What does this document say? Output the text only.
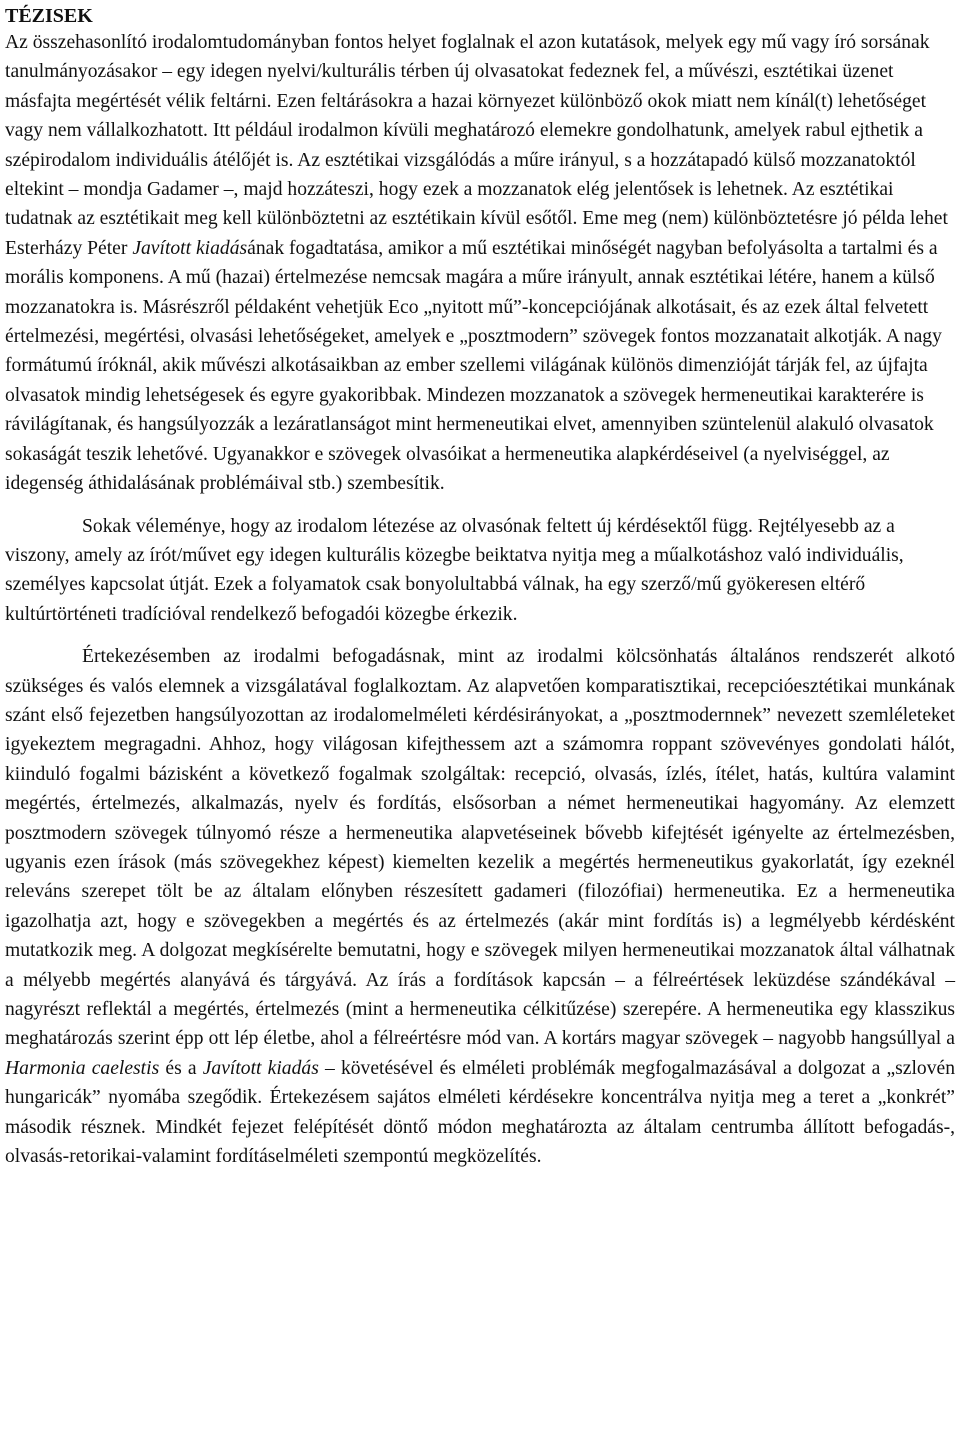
TÉZISEK

Az összehasonlító irodalomtudományban fontos helyet foglalnak el azon kutatások, melyek egy mű vagy író sorsának tanulmányozásakor – egy idegen nyelvi/kulturális térben új olvasatokat fedeznek fel, a művészi, esztétikai üzenet másfajta megértését vélik feltárni. Ezen feltárásokra a hazai környezet különböző okok miatt nem kínál(t) lehetőséget vagy nem vállalkozhatott. Itt például irodalmon kívüli meghatározó elemekre gondolhatunk, amelyek rabul ejthetik a szépirodalom individuális átélőjét is. Az esztétikai vizsgálódás a műre irányul, s a hozzátapadó külső mozzanatoktól eltekint – mondja Gadamer –, majd hozzáteszi, hogy ezek a mozzanatok elég jelentősek is lehetnek. Az esztétikai tudatnak az esztétikait meg kell különböztetni az esztétikain kívül esőtől. Eme meg (nem) különböztetésre jó példa lehet Esterházy Péter Javított kiadásának fogadtatása, amikor a mű esztétikai minőségét nagyban befolyásolta a tartalmi és a morális komponens. A mű (hazai) értelmezése nemcsak magára a műre irányult, annak esztétikai létére, hanem a külső mozzanatokra is. Másrészről példaként vehetjük Eco „nyitott mű”-koncepciójának alkotásait, és az ezek által felvetett értelmezési, megértési, olvasási lehetőségeket, amelyek e „posztmodern” szövegek fontos mozzanatait alkotják. A nagy formátumú íróknál, akik művészi alkotásaikban az ember szellemi világának különös dimenzióját tárják fel, az újfajta olvasatok mindig lehetségesek és egyre gyakoribbak. Mindezen mozzanatok a szövegek hermeneutikai karakterére is rávilágítanak, és hangsúlyozzák a lezáratlanságot mint hermeneutikai elvet, amennyiben szüntelenül alakuló olvasatok sokaságát teszik lehetővé. Ugyanakkor e szövegek olvasóikat a hermeneutika alapkérdéseivel (a nyelviséggel, az idegenség áthidalásának problémáival stb.) szembesítik.

Sokak véleménye, hogy az irodalom létezése az olvasónak feltett új kérdésektől függ. Rejtélyesebb az a viszony, amely az írót/művet egy idegen kulturális közegbe beiktatva nyitja meg a műalkotáshoz való individuális, személyes kapcsolat útját. Ezek a folyamatok csak bonyolultabbá válnak, ha egy szerző/mű gyökeresen eltérő kultúrtörténeti tradícióval rendelkező befogadói közegbe érkezik.

Értekezésemben az irodalmi befogadásnak, mint az irodalmi kölcsönhatás általános rendszerét alkotó szükséges és valós elemnek a vizsgálatával foglalkoztam. Az alapvetően komparatisztikai, recepcióesztétikai munkának szánt első fejezetben hangsúlyozottan az irodalomelméleti kérdésirányokat, a „posztmodernnek” nevezett szemléleteket igyekeztem megragadni. Ahhoz, hogy világosan kifejthessem azt a számomra roppant szövevényes gondolati hálót, kiinduló fogalmi bázisként a következő fogalmak szolgáltak: recepció, olvasás, ízlés, ítélet, hatás, kultúra valamint megértés, értelmezés, alkalmazás, nyelv és fordítás, elsősorban a német hermeneutikai hagyomány. Az elemzett posztmodern szövegek túlnyomó része a hermeneutika alapvetéseinek bővebb kifejtését igényelte az értelmezésben, ugyanis ezen írások (más szövegekhez képest) kiemelten kezelik a megértés hermeneutikus gyakorlatát, így ezeknél releváns szerepet tölt be az általam előnyben részesített gadameri (filozófiai) hermeneutika. Ez a hermeneutika igazolhatja azt, hogy e szövegekben a megértés és az értelmezés (akár mint fordítás is) a legmélyebb kérdésként mutatkozik meg. A dolgozat megkísérelte bemutatni, hogy e szövegek milyen hermeneutikai mozzanatok által válhatnak a mélyebb megértés alanyává és tárgyává. Az írás a fordítások kapcsán – a félreértések leküzdése szándékával – nagyrészt reflektál a megértés, értelmezés (mint a hermeneutika célkitűzése) szerepére. A hermeneutika egy klasszikus meghatározás szerint épp ott lép életbe, ahol a félreértésre mód van. A kortárs magyar szövegek – nagyobb hangsúllyal a Harmonia caelestis és a Javított kiadás – követésével és elméleti problémák megfogalmazásával a dolgozat a „szlovén hungaricák” nyomába szegődik. Értekezésem sajátos elméleti kérdésekre koncentrálva nyitja meg a teret a „konkrét” második résznek. Mindkét fejezet felépítését döntő módon meghatározta az általam centrumba állított befogadás-, olvasás-retorikai-valamint fordításelméleti szempontú megközelítés.
